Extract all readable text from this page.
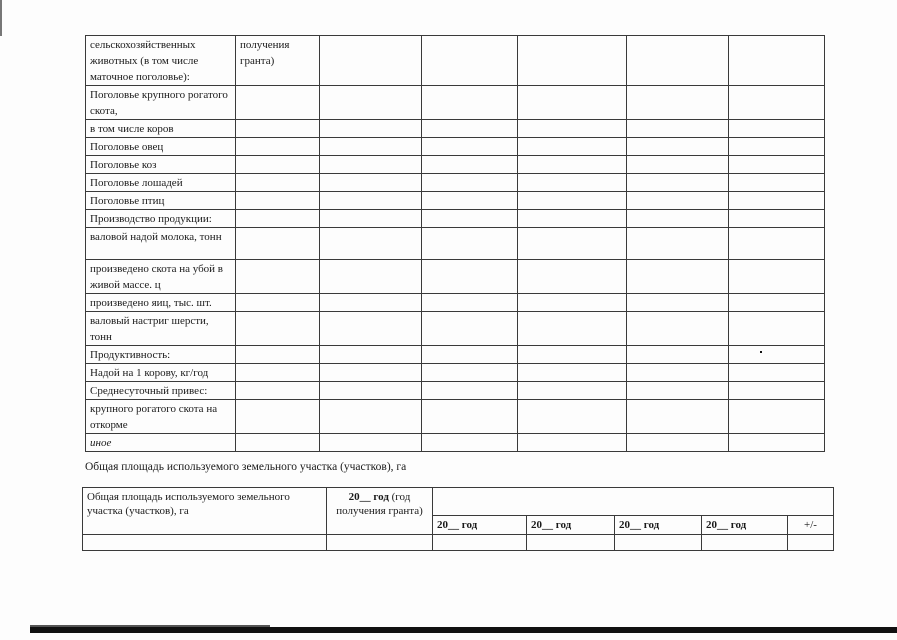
сельскохозяйственных животных (в том числе маточное поголовье):	получения гранта)					
Поголовье крупного рогатого скота,						
в том числе коров						
Поголовье овец						
Поголовье коз						
Поголовье лошадей						
Поголовье птиц						
Производство продукции:						
валовой надой молока, тонн						
произведено скота на убой в живой массе. ц						
произведено яиц, тыс. шт.						
валовый настриг шерсти, тонн						
Продуктивность:						
Надой на 1 корову, кг/год						
Среднесуточный привес:						
крупного рогатого скота на откорме						
иное						
Общая площадь используемого земельного участка (участков), га
Общая площадь используемого земельного участка (участков), га	20__ год (год получения гранта)					
		20__ год	20__ год	20__ год	20__ год	+/-
